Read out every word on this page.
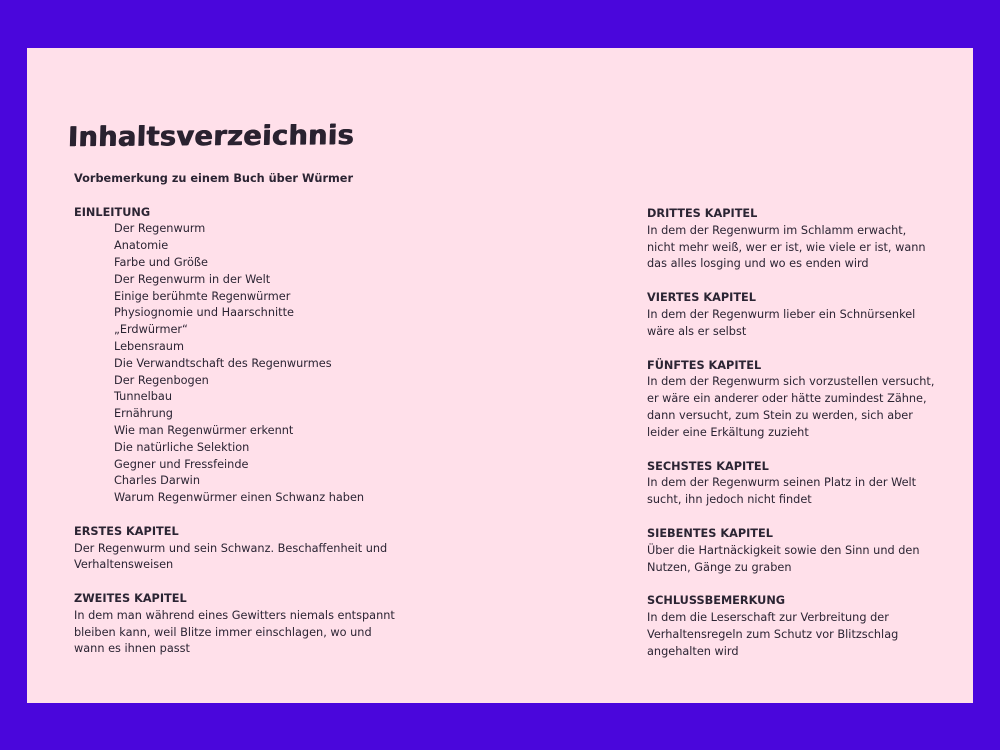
Inhaltsverzeichnis
Vorbemerkung zu einem Buch über Würmer
EINLEITUNG
Der Regenwurm
Anatomie
Farbe und Größe
Der Regenwurm in der Welt
Einige berühmte Regenwürmer
Physiognomie und Haarschnitte
„Erdwürmer“
Lebensraum
Die Verwandtschaft des Regenwurmes
Der Regenbogen
Tunnelbau
Ernährung
Wie man Regenwürmer erkennt
Die natürliche Selektion
Gegner und Fressfeinde
Charles Darwin
Warum Regenwürmer einen Schwanz haben
ERSTES KAPITEL
Der Regenwurm und sein Schwanz. Beschaffenheit und
Verhaltensweisen
ZWEITES KAPITEL
In dem man während eines Gewitters niemals entspannt
bleiben kann, weil Blitze immer einschlagen, wo und
wann es ihnen passt
DRITTES KAPITEL
In dem der Regenwurm im Schlamm erwacht,
nicht mehr weiß, wer er ist, wie viele er ist, wann
das alles losging und wo es enden wird
VIERTES KAPITEL
In dem der Regenwurm lieber ein Schnürsenkel
wäre als er selbst
FÜNFTES KAPITEL
In dem der Regenwurm sich vorzustellen versucht,
er wäre ein anderer oder hätte zumindest Zähne,
dann versucht, zum Stein zu werden, sich aber
leider eine Erkältung zuzieht
SECHSTES KAPITEL
In dem der Regenwurm seinen Platz in der Welt
sucht, ihn jedoch nicht findet
SIEBENTES KAPITEL
Über die Hartnäckigkeit sowie den Sinn und den
Nutzen, Gänge zu graben
SCHLUSSBEMERKUNG
In dem die Leserschaft zur Verbreitung der
Verhaltensregeln zum Schutz vor Blitzschlag
angehalten wird
